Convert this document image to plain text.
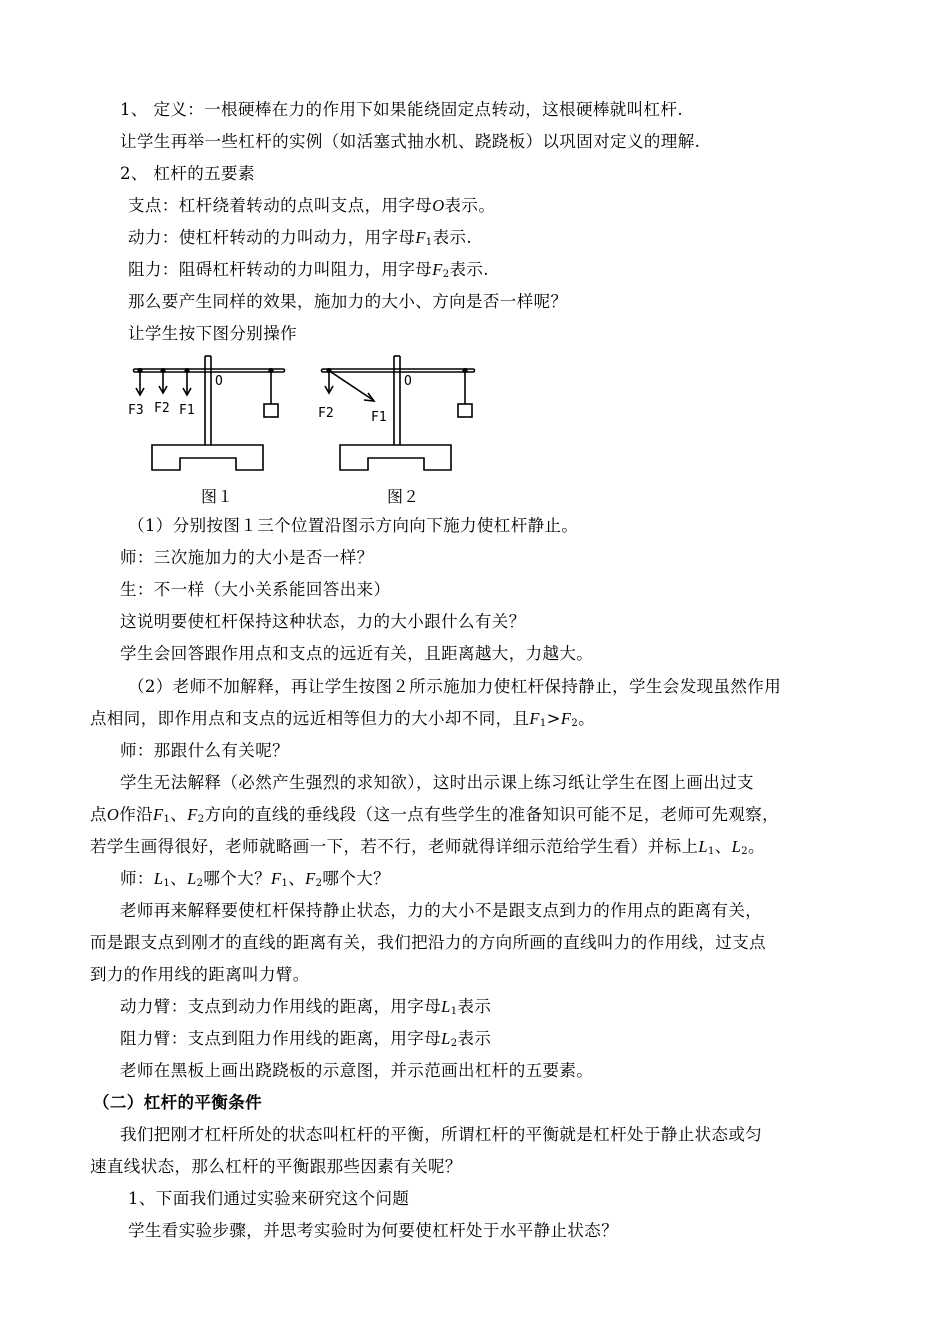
1、 定义：一根硬棒在力的作用下如果能绕固定点转动，这根硬棒就叫杠杆.
让学生再举一些杠杆的实例（如活塞式抽水机、跷跷板）以巩固对定义的理解.
2、 杠杆的五要素
支点：杠杆绕着转动的点叫支点，用字母O表示。
动力：使杠杆转动的力叫动力，用字母$F_1$表示.
阻力：阻碍杠杆转动的力叫阻力，用字母$F_2$表示.
那么要产生同样的效果，施加力的大小、方向是否一样呢？
让学生按下图分别操作
F3 F2 F1
O
F2	F1
O
图１	图２
（1）分别按图１三个位置沿图示方向向下施力使杠杆静止。
师：三次施加力的大小是否一样？
生：不一样（大小关系能回答出来）
这说明要使杠杆保持这种状态，力的大小跟什么有关？
学生会回答跟作用点和支点的远近有关，且距离越大，力越大。
（2）老师不加解释，再让学生按图２所示施加力使杠杆保持静止，学生会发现虽然作用
点相同，即作用点和支点的远近相等但力的大小却不同，且$F_1>F_2$。
师：那跟什么有关呢？
学生无法解释（必然产生强烈的求知欲），这时出示课上练习纸让学生在图上画出过支
点O作沿$F_1$、$F_2$方向的直线的垂线段（这一点有些学生的准备知识可能不足，老师可先观察，
若学生画得很好，老师就略画一下，若不行，老师就得详细示范给学生看）并标上$L_1$、$L_2$。
师：$L_1$、$L_2$哪个大？$F_1$、$F_2$哪个大？
老师再来解释要使杠杆保持静止状态，力的大小不是跟支点到力的作用点的距离有关，
而是跟支点到刚才的直线的距离有关，我们把沿力的方向所画的直线叫力的作用线，过支点
到力的作用线的距离叫力臂。
动力臂：支点到动力作用线的距离，用字母$L_1$表示
阻力臂：支点到阻力作用线的距离，用字母$L_2$表示
老师在黑板上画出跷跷板的示意图，并示范画出杠杆的五要素。
（二）杠杆的平衡条件
我们把刚才杠杆所处的状态叫杠杆的平衡，所谓杠杆的平衡就是杠杆处于静止状态或匀
速直线状态，那么杠杆的平衡跟那些因素有关呢？
1、下面我们通过实验来研究这个问题
学生看实验步骤，并思考实验时为何要使杠杆处于水平静止状态？
